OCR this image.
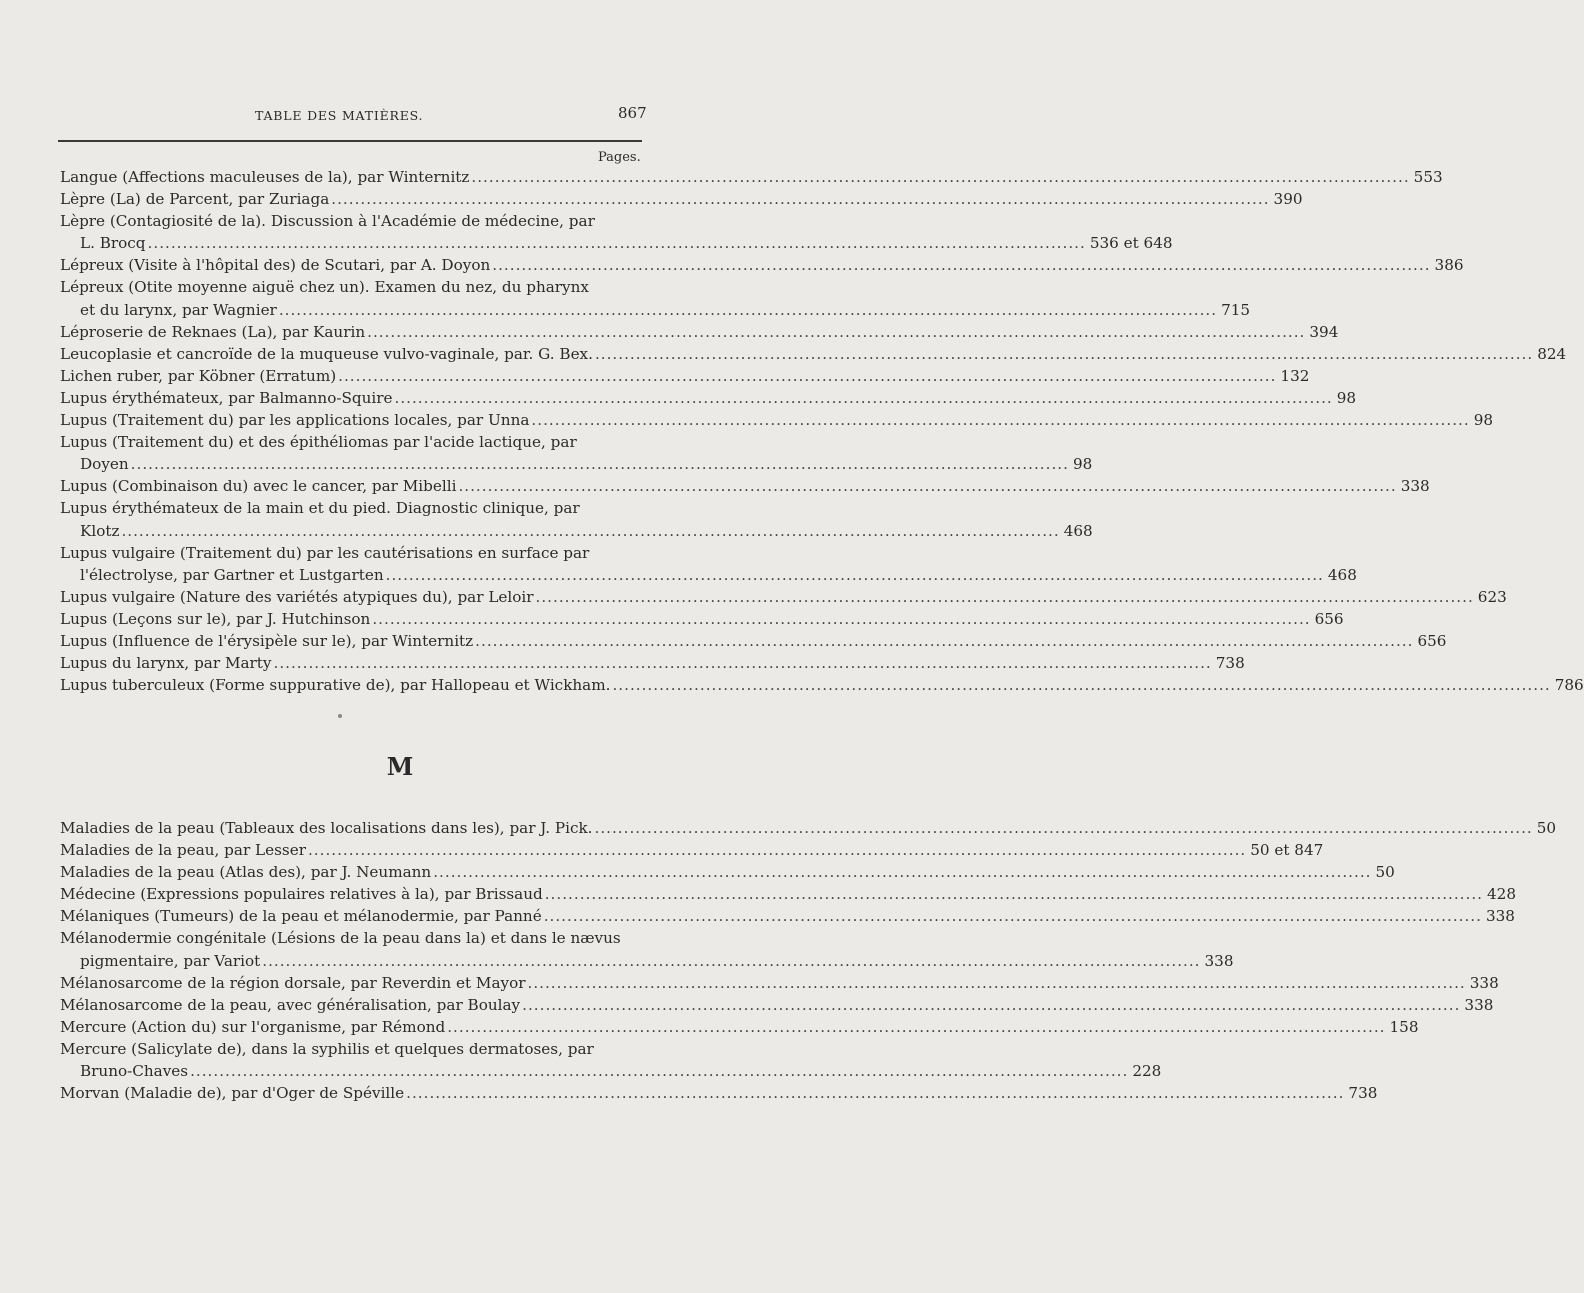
TABLE DES MATIÈRES.	867
Pages.
Langue (Affections maculeuses de la), par Winternitz .....	553
Lèpre (La) de Parcent, par Zuriaga .....	390
Lèpre (Contagiosité de la). Discussion à l'Académie de médecine, par
L. Brocq .....	536 et 648
Lépreux (Visite à l'hôpital des) de Scutari, par A. Doyon .....	386
Lépreux (Otite moyenne aiguë chez un). Examen du nez, du pharynx
et du larynx, par Wagnier .....	715
Léproserie de Reknaes (La), par Kaurin .....	394
Leucoplasie et cancroïde de la muqueuse vulvo-vaginale, par. G. Bex. .....	824
Lichen ruber, par Köbner (Erratum) .....	132
Lupus érythémateux, par Balmanno-Squire .....	98
Lupus (Traitement du) par les applications locales, par Unna .....	98
Lupus (Traitement du) et des épithéliomas par l'acide lactique, par
Doyen .....	98
Lupus (Combinaison du) avec le cancer, par Mibelli .....	338
Lupus érythémateux de la main et du pied. Diagnostic clinique, par
Klotz .....	468
Lupus vulgaire (Traitement du) par les cautérisations en surface par
l'électrolyse, par Gartner et Lustgarten .....	468
Lupus vulgaire (Nature des variétés atypiques du), par Leloir .....	623
Lupus (Leçons sur le), par J. Hutchinson .....	656
Lupus (Influence de l'érysipèle sur le), par Winternitz .....	656
Lupus du larynx, par Marty .....	738
Lupus tuberculeux (Forme suppurative de), par Hallopeau et Wickham. .....	786
M
Maladies de la peau (Tableaux des localisations dans les), par J. Pick. .....	50
Maladies de la peau, par Lesser .....	50 et 847
Maladies de la peau (Atlas des), par J. Neumann .....	50
Médecine (Expressions populaires relatives à la), par Brissaud .....	428
Mélaniques (Tumeurs) de la peau et mélanodermie, par Panné .....	338
Mélanodermie congénitale (Lésions de la peau dans la) et dans le nævus
pigmentaire, par Variot .....	338
Mélanosarcome de la région dorsale, par Reverdin et Mayor .....	338
Mélanosarcome de la peau, avec généralisation, par Boulay .....	338
Mercure (Action du) sur l'organisme, par Rémond .....	158
Mercure (Salicylate de), dans la syphilis et quelques dermatoses, par
Bruno-Chaves .....	228
Morvan (Maladie de), par d'Oger de Spéville .....	738
